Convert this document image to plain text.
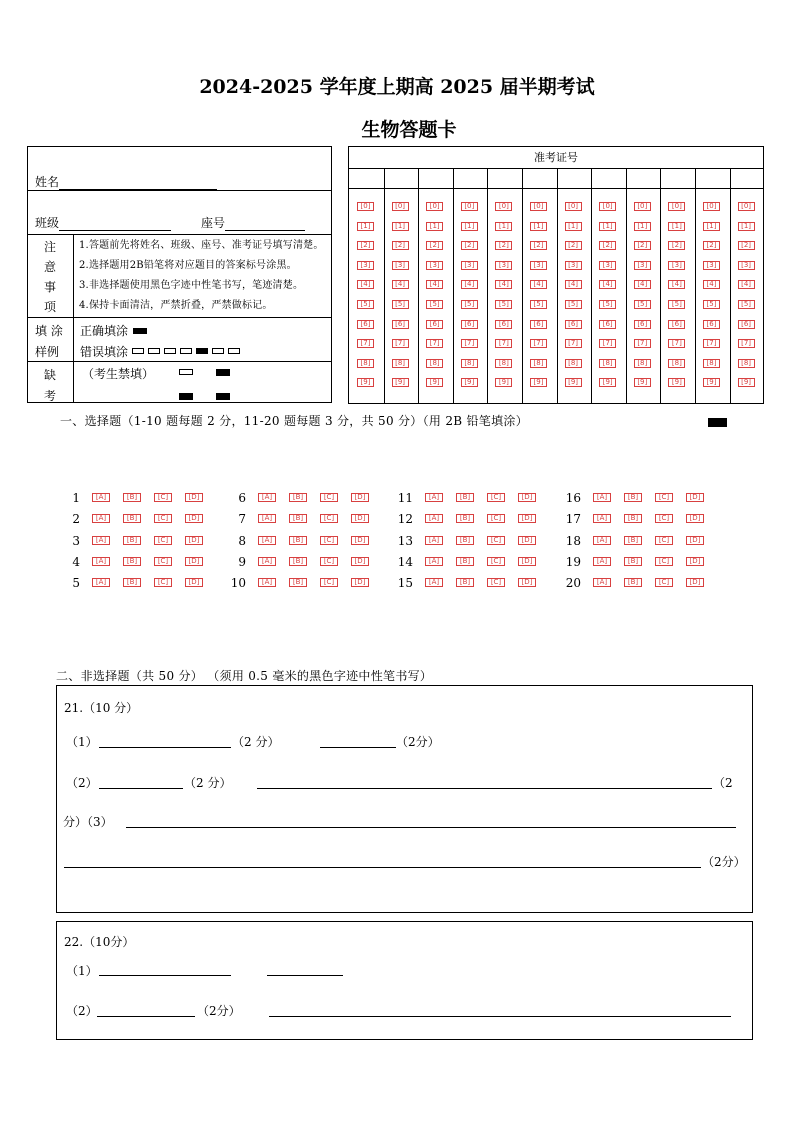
2024-2025 学年度上期高 2025 届半期考试
生物答题卡
姓名
班级	座号
注
意
事
项
1.答题前先将姓名、班级、座号、准考证号填写清楚。
2.选择题用2B铅笔将对应题目的答案标号涂黑。
3.非选择题使用黑色字迹中性笔书写，笔迹清楚。
4.保持卡面清洁，严禁折叠，严禁做标记。
填 涂
样例
正确填涂
错误填涂
缺
考
（考生禁填）
准考证号
[0]
[1]
[2]
[3]
[4]
[5]
[6]
[7]
[8]
[9]
[0]
[1]
[2]
[3]
[4]
[5]
[6]
[7]
[8]
[9]
[0]
[1]
[2]
[3]
[4]
[5]
[6]
[7]
[8]
[9]
[0]
[1]
[2]
[3]
[4]
[5]
[6]
[7]
[8]
[9]
[0]
[1]
[2]
[3]
[4]
[5]
[6]
[7]
[8]
[9]
[0]
[1]
[2]
[3]
[4]
[5]
[6]
[7]
[8]
[9]
[0]
[1]
[2]
[3]
[4]
[5]
[6]
[7]
[8]
[9]
[0]
[1]
[2]
[3]
[4]
[5]
[6]
[7]
[8]
[9]
[0]
[1]
[2]
[3]
[4]
[5]
[6]
[7]
[8]
[9]
[0]
[1]
[2]
[3]
[4]
[5]
[6]
[7]
[8]
[9]
[0]
[1]
[2]
[3]
[4]
[5]
[6]
[7]
[8]
[9]
[0]
[1]
[2]
[3]
[4]
[5]
[6]
[7]
[8]
[9]
一、选择题（1-10 题每题 2 分，11-20 题每题 3 分，共 50 分）（用 2B 铅笔填涂）
1	[A]	[B]	[C]	[D]
2	[A]	[B]	[C]	[D]
3	[A]	[B]	[C]	[D]
4	[A]	[B]	[C]	[D]
5	[A]	[B]	[C]	[D]
6	[A]	[B]	[C]	[D]
7	[A]	[B]	[C]	[D]
8	[A]	[B]	[C]	[D]
9	[A]	[B]	[C]	[D]
10	[A]	[B]	[C]	[D]
11	[A]	[B]	[C]	[D]
12	[A]	[B]	[C]	[D]
13	[A]	[B]	[C]	[D]
14	[A]	[B]	[C]	[D]
15	[A]	[B]	[C]	[D]
16	[A]	[B]	[C]	[D]
17	[A]	[B]	[C]	[D]
18	[A]	[B]	[C]	[D]
19	[A]	[B]	[C]	[D]
20	[A]	[B]	[C]	[D]
二、非选择题（共 50 分） （须用 0.5 毫米的黑色字迹中性笔书写）
21.（10 分）
（1）	（2 分）	（2分）
（2）	（2 分）	（2
分）（3）
（2分）
22.（10分）
（1）
（2）	（2分）
